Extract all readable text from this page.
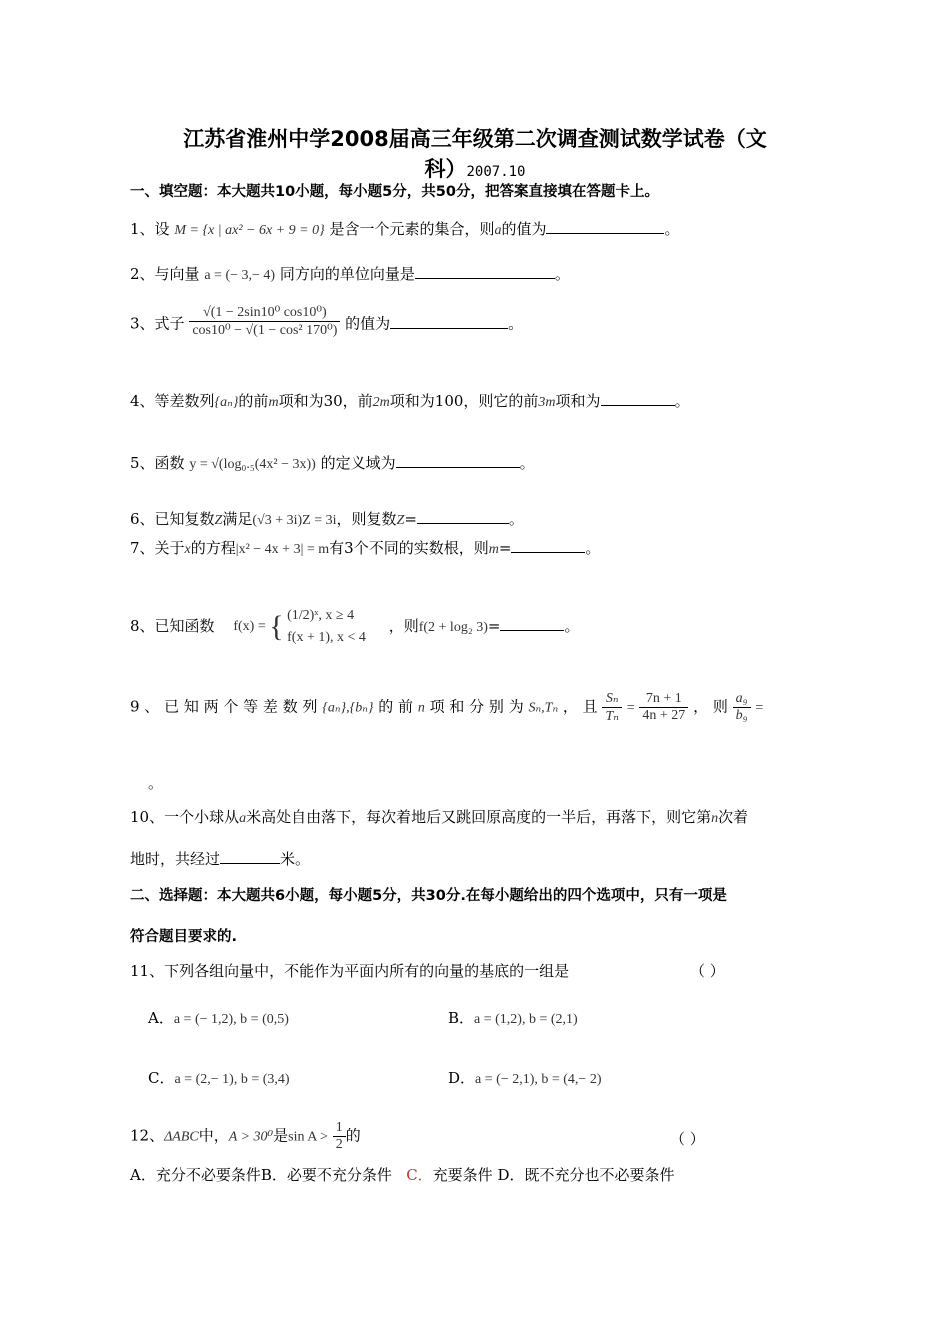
江苏省淮州中学2008届高三年级第二次调查测试数学试卷（文
科）2007.10
一、填空题：本大题共10小题，每小题5分，共50分，把答案直接填在答题卡上。
1、设 M = {x | ax² − 6x + 9 = 0} 是含一个元素的集合，则a的值为	。
2、与向量 a = (− 3,− 4) 同方向的单位向量是	。
3、式子 $\frac{\text{√(1 − 2sin10⁰ cos10⁰)}}{\text{cos10⁰ − √(1 − cos² 170⁰)}}$ 的值为	。
4、等差数列{aₙ}的前m项和为30，前2m项和为100，则它的前3m项和为	。
5、函数 y = √(log₀.₅(4x² − 3x)) 的定义域为	。
6、已知复数Z满足(√3 + 3i)Z = 3i，则复数Z=	。
7、关于x的方程|x² − 4x + 3| = m有3个不同的实数根，则m=	。
8、已知函数 f(x) = { (1/2)ˣ, x ≥ 4
f(x + 1), x < 4
，则f(2 + log₂ 3)=	。
9 、 已 知 两 个 等 差 数 列 {aₙ},{bₙ} 的 前 n 项 和 分 别 为 Sₙ,Tₙ ， 且 $\frac{\text{Sₙ}}{\text{Tₙ}} = \frac{7n + 1}{4n + 27}$ ， 则 $\frac{\text{a₉}}{\text{b₉}}$ =
。
10、一个小球从a米高处自由落下，每次着地后又跳回原高度的一半后，再落下，则它第n次着
地时，共经过	米。
二、选择题：本大题共6小题，每小题5分，共30分.在每小题给出的四个选项中，只有一项是
符合题目要求的.
11、下列各组向量中，不能作为平面内所有的向量的基底的一组是	（ ）
A．a = (− 1,2), b = (0,5)	B．a = (1,2), b = (2,1)
C．a = (2,− 1), b = (3,4)	D．a = (− 2,1), b = (4,− 2)
12、ΔABC中，A > 30⁰是$\sin A > \frac{1}{2}$ 的	（ ）
A．充分不必要条件B．必要不充分条件 C．充要条件 D．既不充分也不必要条件
